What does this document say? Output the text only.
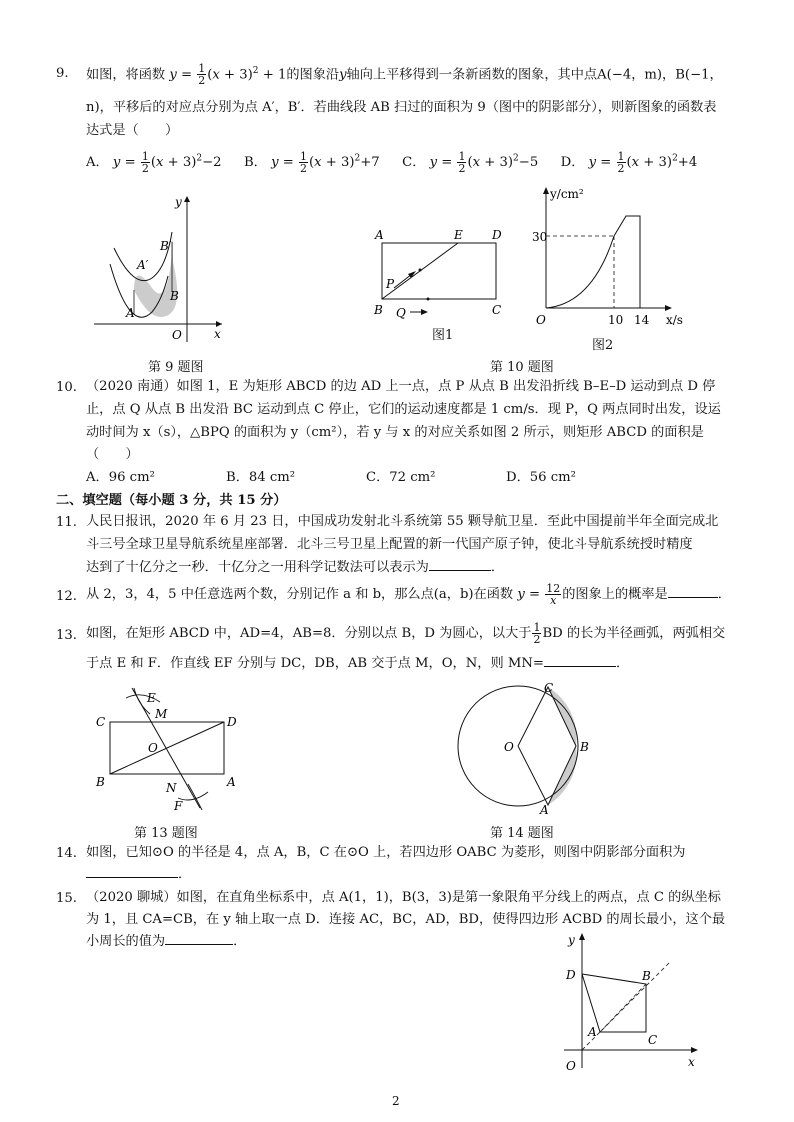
9. 如图，将函数 $y = \frac{1}{2} (x + 3)^2 + 1$的图象沿y轴向上平移得到一条新函数的图象，其中点A(−4，m)，B(−1，
n)，平移后的对应点分别为点 A′，B′．若曲线段 AB 扫过的面积为 9（图中的阴影部分），则新图象的函数表
达式是（　　）
A． $y = \frac{1}{2} (x + 3)^2-2$ B． $y = \frac{1}{2} (x + 3)^2+7$ C． $y = \frac{1}{2} (x + 3)^2-5$ D． $y = \frac{1}{2} (x + 3)^2+4$
y
x
O
B′
A′
B
A
第 9 题图
A	E D
B	C
P
Q
图1
y/cm²
30
O	10 14 x/s
图2
第 10 题图
10. （2020 南通）如图 1，E 为矩形 ABCD 的边 AD 上一点，点 P 从点 B 出发沿折线 B–E–D 运动到点 D 停
止，点 Q 从点 B 出发沿 BC 运动到点 C 停止，它们的运动速度都是 1 cm/s．现 P，Q 两点同时出发，设运
动时间为 x（s），△BPQ 的面积为 y（cm²），若 y 与 x 的对应关系如图 2 所示，则矩形 ABCD 的面积是
（　　）
A．96 cm²	B．84 cm²	C．72 cm²	D．56 cm²
二、填空题（每小题 3 分，共 15 分）
11. 人民日报讯，2020 年 6 月 23 日，中国成功发射北斗系统第 55 颗导航卫星．至此中国提前半年全面完成北
斗三号全球卫星导航系统星座部署．北斗三号卫星上配置的新一代国产原子钟，使北斗导航系统授时精度
达到了十亿分之一秒．十亿分之一用科学记数法可以表示为	．
12. 从 2，3，4，5 中任意选两个数，分别记作 a 和 b，那么点(a，b)在函数 $y = \frac{12}{x}$ 的图象上的概率是	．
13. 如图，在矩形 ABCD 中，AD=4，AB=8．分别以点 B，D 为圆心，以大于 $\frac{1}{2}$ BD 的长为半径画弧，两弧相交
于点 E 和 F．作直线 EF 分别与 DC，DB，AB 交于点 M，O，N，则 MN=	．
E
M
C	D
O
B	A
N
F
第 13 题图
C
O	B
A
第 14 题图
14. 如图，已知⊙O 的半径是 4，点 A，B，C 在⊙O 上，若四边形 OABC 为菱形，则图中阴影部分面积为
．
15. （2020 聊城）如图，在直角坐标系中，点 A(1，1)，B(3，3)是第一象限角平分线上的两点，点 C 的纵坐标
为 1，且 CA=CB，在 y 轴上取一点 D．连接 AC，BC，AD，BD，使得四边形 ACBD 的周长最小，这个最
小周长的值为	．	y
x
O
D	B
A
C
2
